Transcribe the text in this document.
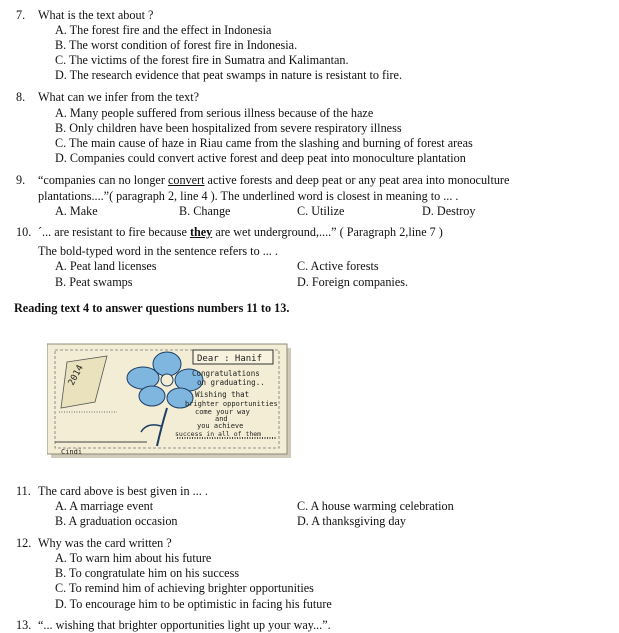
7. What is the text about ?
A. The forest fire and the effect in Indonesia
B. The worst condition of forest fire in Indonesia.
C. The victims of the forest fire in Sumatra and Kalimantan.
D. The research evidence that peat swamps in nature is resistant to fire.
8. What can we infer from the text?
A. Many people suffered from serious illness because of the haze
B. Only children have been hospitalized from severe respiratory illness
C. The main cause of haze in Riau came from the slashing and burning of forest areas
D. Companies could convert active forest and deep peat into monoculture plantation
9. “companies can no longer convert active forests and deep peat or any peat area into monoculture
plantations....”( paragraph 2, line 4 ). The underlined word is closest in meaning to ... .
A. Make	B. Change	C. Utilize	D. Destroy
10. ´... are resistant to fire because they are wet underground,....” ( Paragraph 2,line 7 )
The bold-typed word in the sentence refers to ... .
A. Peat land licenses	C. Active forests
B. Peat swamps	D. Foreign companies.
Reading text 4 to answer questions numbers 11 to 13.
Dear : Hanif
2014	Congratulations
on graduating..
Wishing that
brighter opportunities
come your way
and
you achieve
success in all of them
Cindi
11. The card above is best given in ... .
A. A marriage event	C. A house warming celebration
B. A graduation occasion	D. A thanksgiving day
12. Why was the card written ?
A. To warn him about his future
B. To congratulate him on his success
C. To remind him of achieving brighter opportunities
D. To encourage him to be optimistic in facing his future
13. “... wishing that brighter opportunities light up your way...”.
